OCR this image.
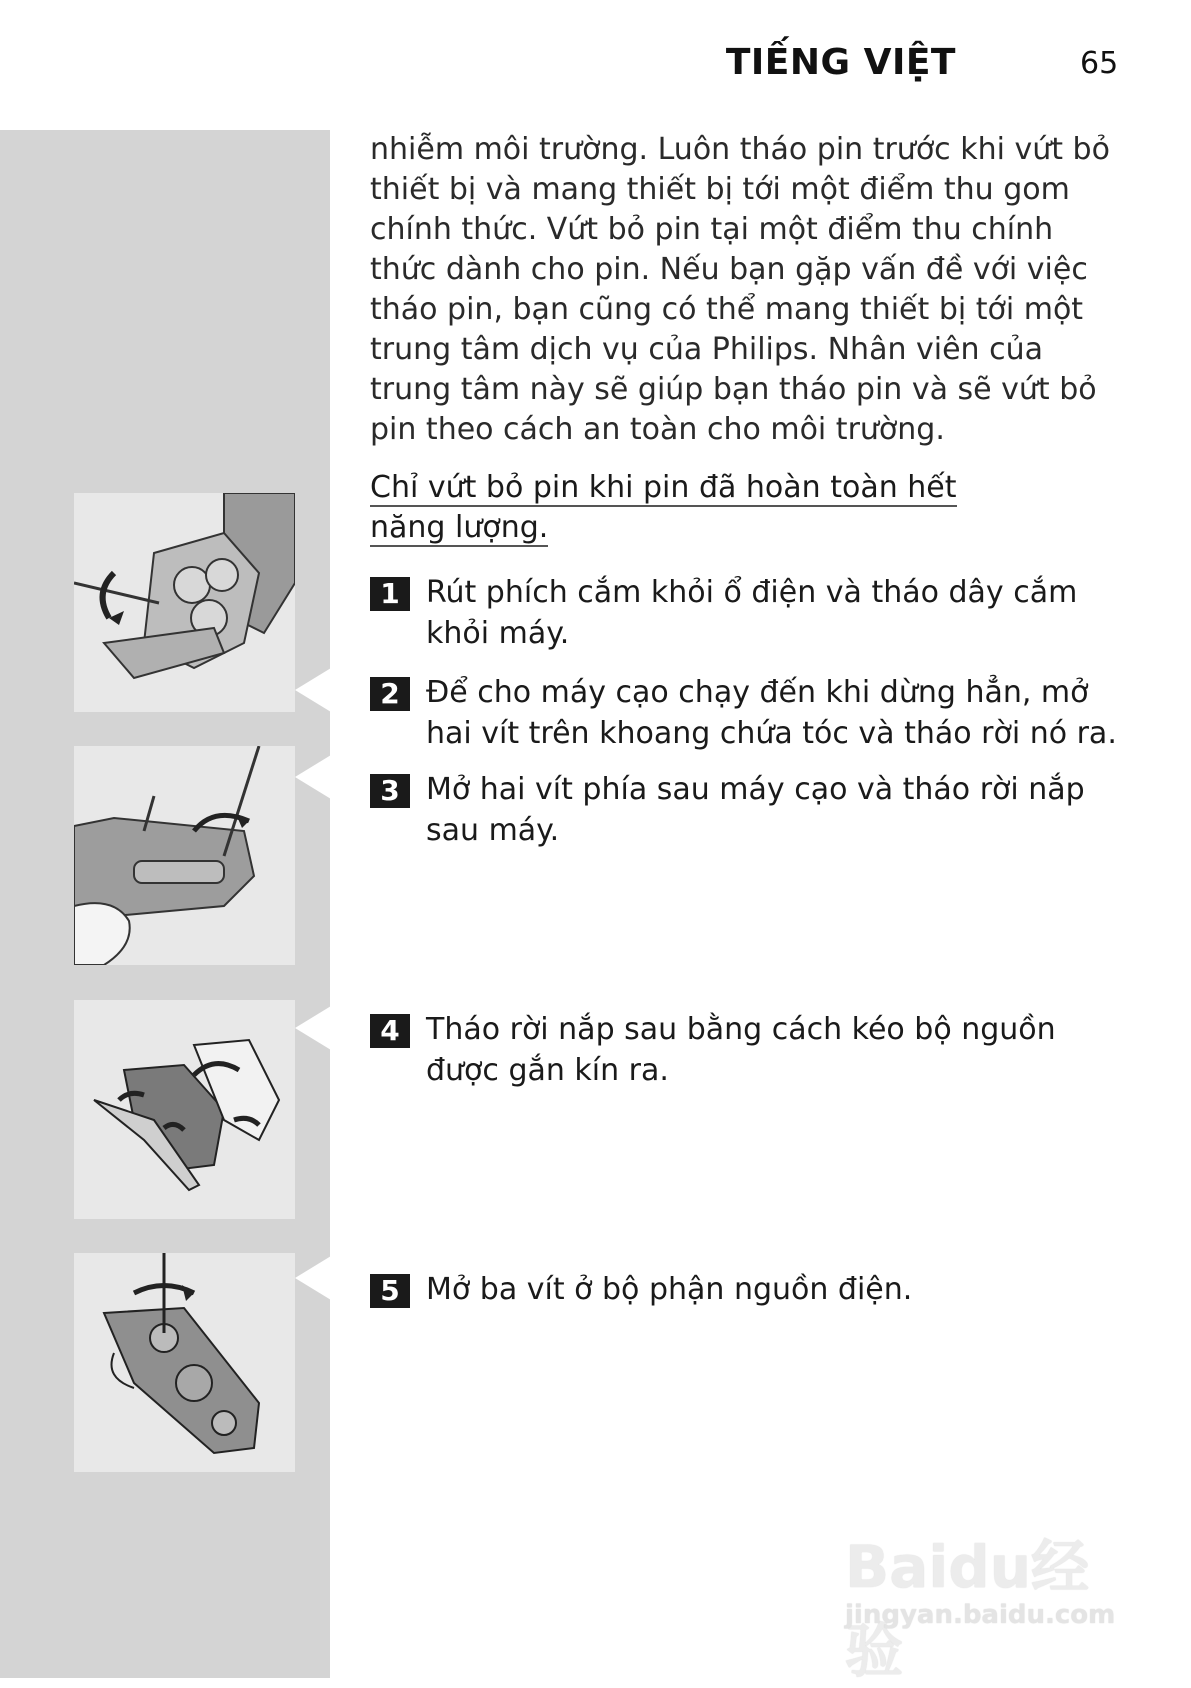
TIẾNG VIỆT	65

nhiễm môi trường. Luôn tháo pin trước khi vứt bỏ thiết bị và mang thiết bị tới một điểm thu gom chính thức. Vứt bỏ pin tại một điểm thu chính thức dành cho pin. Nếu bạn gặp vấn đề với việc tháo pin, bạn cũng có thể mang thiết bị tới một trung tâm dịch vụ của Philips. Nhân viên của trung tâm này sẽ giúp bạn tháo pin và sẽ vứt bỏ pin theo cách an toàn cho môi trường.

Chỉ vứt bỏ pin khi pin đã hoàn toàn hết năng lượng.

1 Rút phích cắm khỏi ổ điện và tháo dây cắm khỏi máy.
2 Để cho máy cạo chạy đến khi dừng hẳn, mở hai vít trên khoang chứa tóc và tháo rời nó ra.
3 Mở hai vít phía sau máy cạo và tháo rời nắp sau máy.
4 Tháo rời nắp sau bằng cách kéo bộ nguồn được gắn kín ra.
5 Mở ba vít ở bộ phận nguồn điện.
Baidu经验
jingyan.baidu.com
